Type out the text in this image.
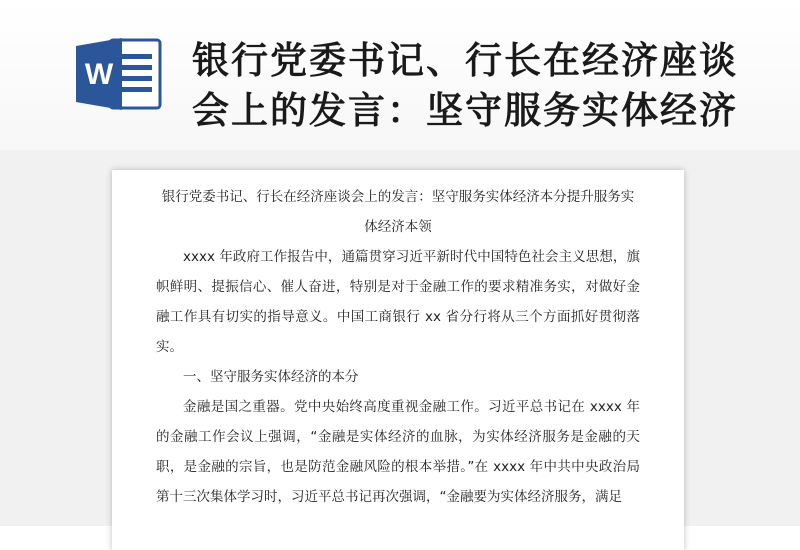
W 银行党委书记、行长在经济座谈
会上的发言：坚守服务实体经济

银行党委书记、行长在经济座谈会上的发言：坚守服务实体经济本分提升服务实体经济本领

xxxx 年政府工作报告中，通篇贯穿习近平新时代中国特色社会主义思想，旗帜鲜明、提振信心、催人奋进，特别是对于金融工作的要求精准务实，对做好金融工作具有切实的指导意义。中国工商银行 xx 省分行将从三个方面抓好贯彻落实。

一、坚守服务实体经济的本分

金融是国之重器。党中央始终高度重视金融工作。习近平总书记在 xxxx 年的金融工作会议上强调，“金融是实体经济的血脉，为实体经济服务是金融的天职，是金融的宗旨，也是防范金融风险的根本举措。”在 xxxx 年中共中央政治局第十三次集体学习时，习近平总书记再次强调，“金融要为实体经济服务，满足
